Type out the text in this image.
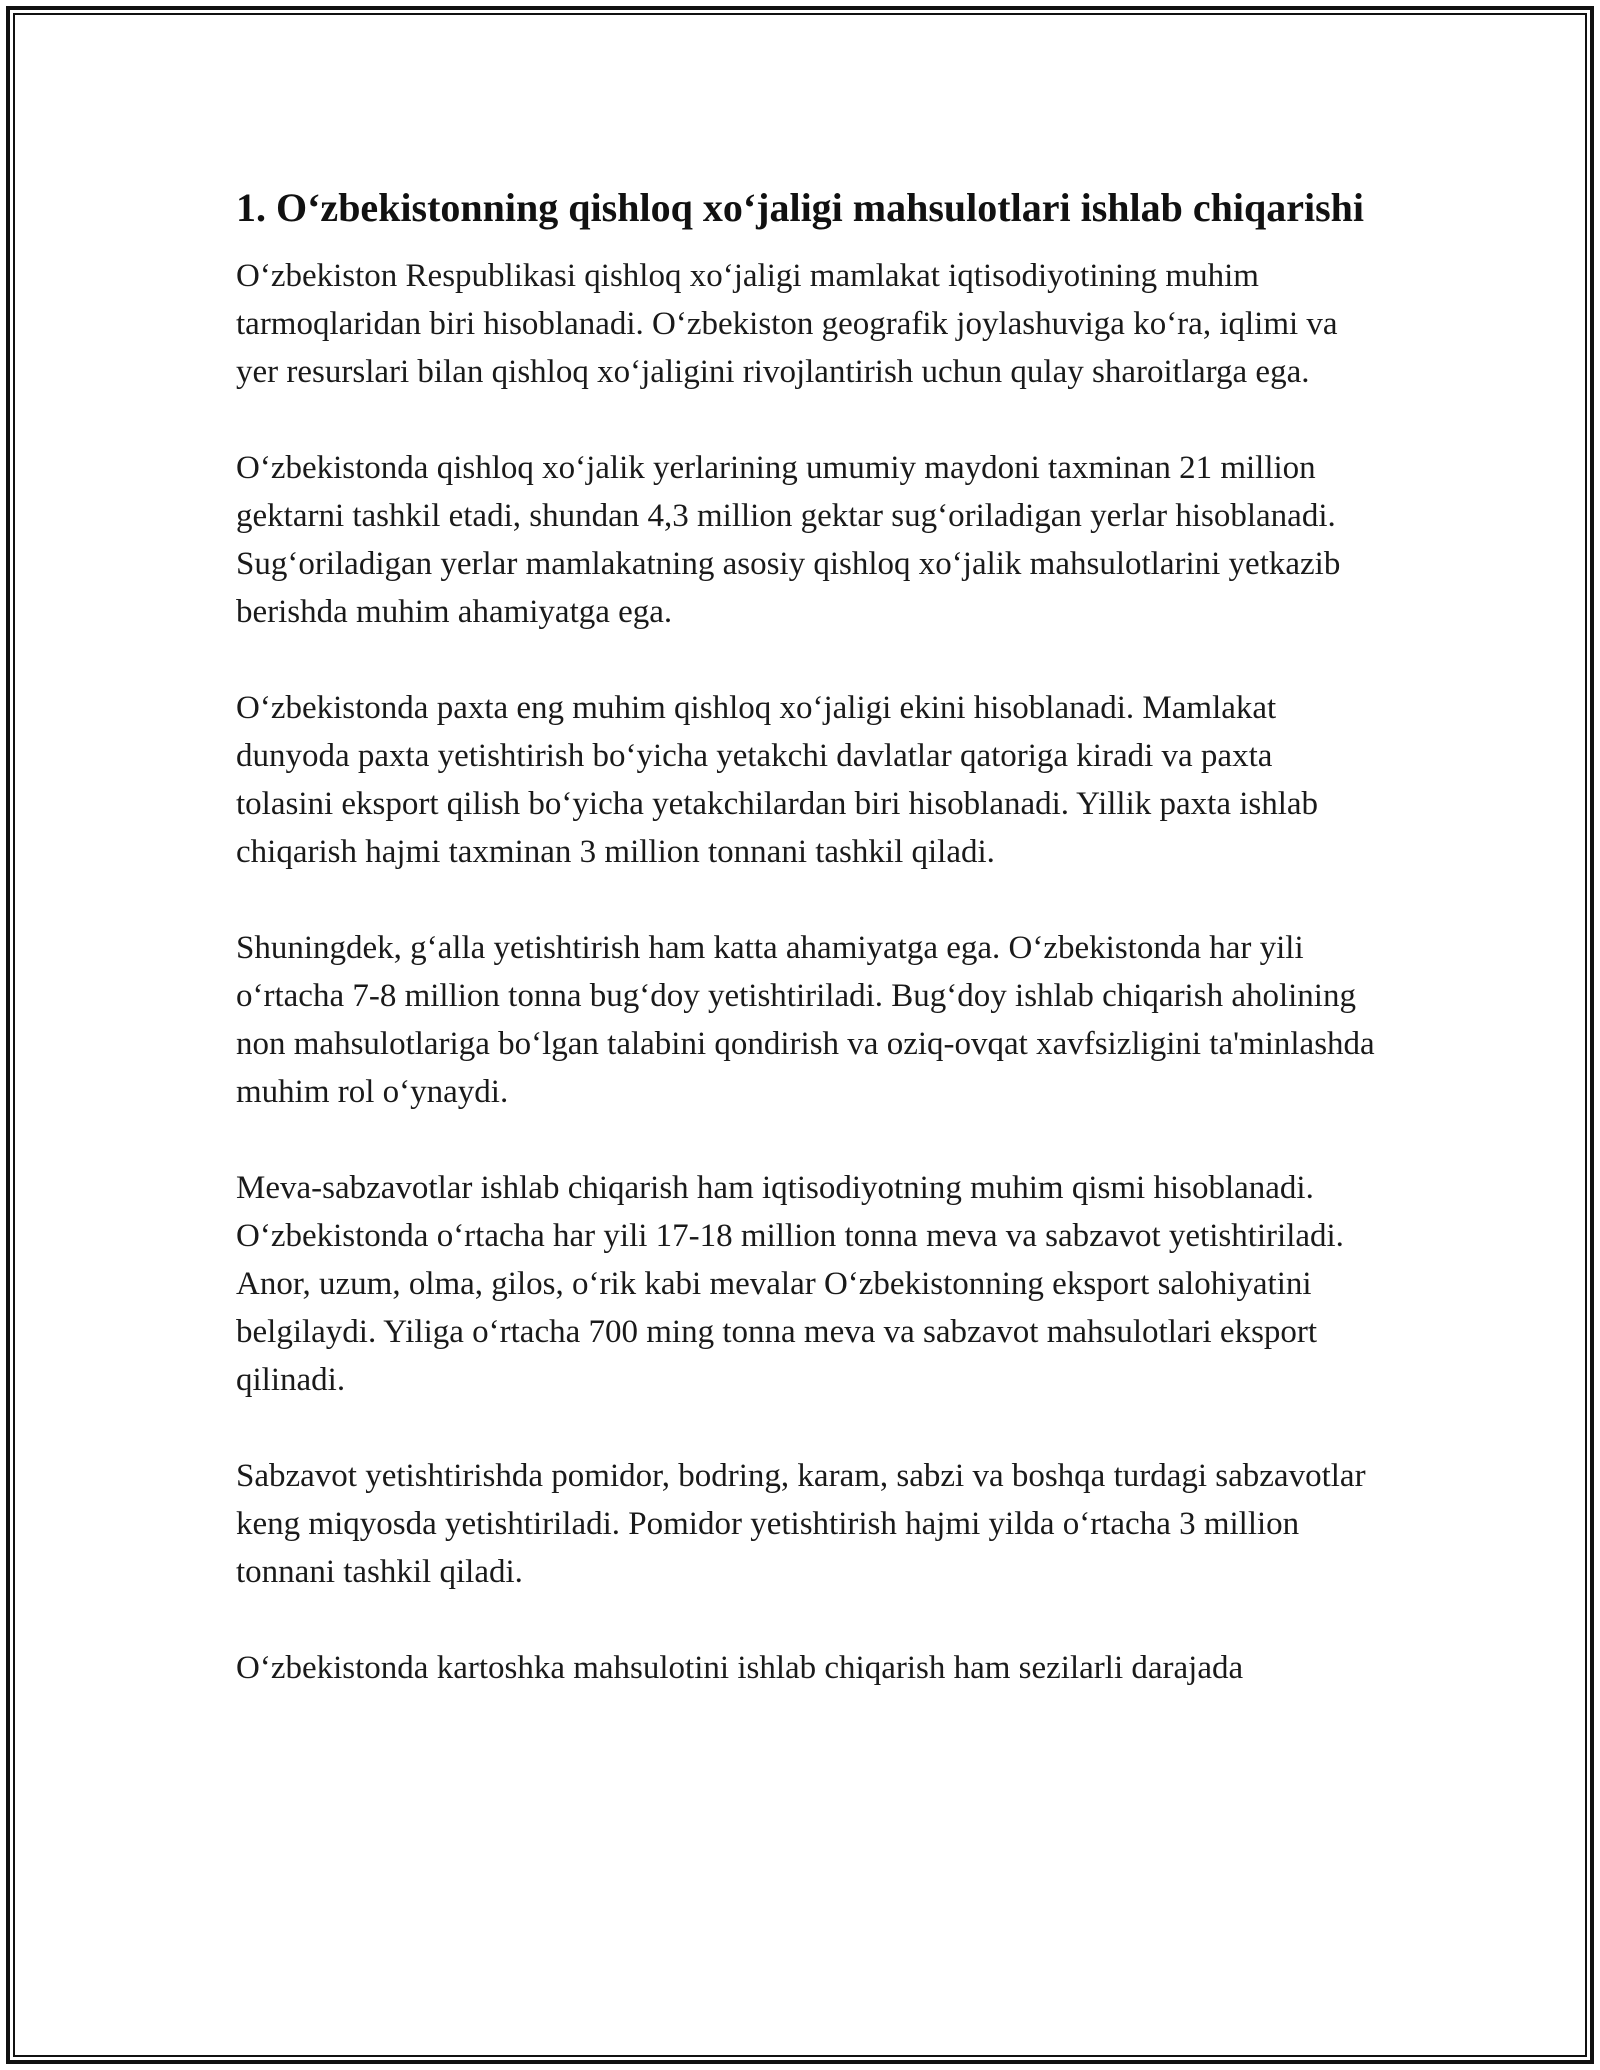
1. O‘zbekistonning qishloq xo‘jaligi mahsulotlari ishlab chiqarishi

O‘zbekiston Respublikasi qishloq xo‘jaligi mamlakat iqtisodiyotining muhim tarmoqlaridan biri hisoblanadi. O‘zbekiston geografik joylashuviga ko‘ra, iqlimi va yer resurslari bilan qishloq xo‘jaligini rivojlantirish uchun qulay sharoitlarga ega.

O‘zbekistonda qishloq xo‘jalik yerlarining umumiy maydoni taxminan 21 million gektarni tashkil etadi, shundan 4,3 million gektar sug‘oriladigan yerlar hisoblanadi. Sug‘oriladigan yerlar mamlakatning asosiy qishloq xo‘jalik mahsulotlarini yetkazib berishda muhim ahamiyatga ega.

O‘zbekistonda paxta eng muhim qishloq xo‘jaligi ekini hisoblanadi. Mamlakat dunyoda paxta yetishtirish bo‘yicha yetakchi davlatlar qatoriga kiradi va paxta tolasini eksport qilish bo‘yicha yetakchilardan biri hisoblanadi. Yillik paxta ishlab chiqarish hajmi taxminan 3 million tonnani tashkil qiladi.

Shuningdek, g‘alla yetishtirish ham katta ahamiyatga ega. O‘zbekistonda har yili o‘rtacha 7-8 million tonna bug‘doy yetishtiriladi. Bug‘doy ishlab chiqarish aholining non mahsulotlariga bo‘lgan talabini qondirish va oziq-ovqat xavfsizligini ta'minlashda muhim rol o‘ynaydi.

Meva-sabzavotlar ishlab chiqarish ham iqtisodiyotning muhim qismi hisoblanadi. O‘zbekistonda o‘rtacha har yili 17-18 million tonna meva va sabzavot yetishtiriladi. Anor, uzum, olma, gilos, o‘rik kabi mevalar O‘zbekistonning eksport salohiyatini belgilaydi. Yiliga o‘rtacha 700 ming tonna meva va sabzavot mahsulotlari eksport qilinadi.

Sabzavot yetishtirishda pomidor, bodring, karam, sabzi va boshqa turdagi sabzavotlar keng miqyosda yetishtiriladi. Pomidor yetishtirish hajmi yilda o‘rtacha 3 million tonnani tashkil qiladi.

O‘zbekistonda kartoshka mahsulotini ishlab chiqarish ham sezilarli darajada
